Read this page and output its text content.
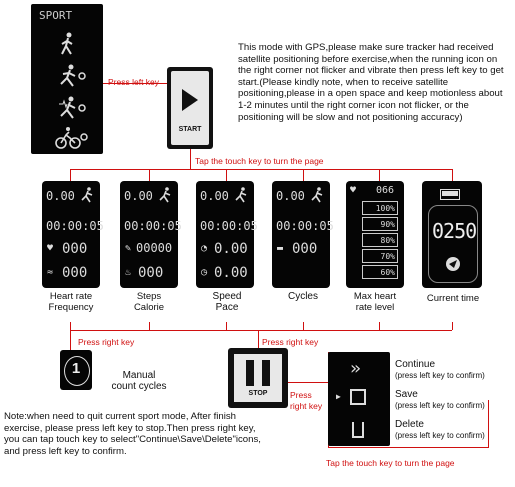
SPORT
Press left key
START
This mode with GPS,please make sure tracker had received satellite positioning before exercise,when the running icon on the right corner not flicker and vibrate then press left key to get start.(Please kindly note, when to receive satellite positioning,please in a open space and keep motionless about 1-2 minutes until the right corner icon not flicker, or the positioning will be slow and not positioning accuracy)
Tap the touch key to turn the page
0.00
00:00:05
♥ 000
≈ 000
Heart rate
Frequency
0.00
00:00:05
✎ 00000
♨ 000
Steps
Calorie
0.00
00:00:05
◔ 0.00
◷ 0.00
Speed
Pace
0.00
00:00:05
▬ 000
Cycles
♥	066
100%
90%
80%
70%
60%
Max heart
rate level
0250
Current time
Press right key	Press right key
1	Manual
count cycles
STOP	Press right key
»
▶
Continue
(press left key to confirm)
Save
(press left key to confirm)
Delete
(press left key to confirm)
Tap the touch key to turn the page
Note:when need to quit current sport mode, After finish exercise, please press left key to stop.Then press right key, you can tap touch key to select"Continue\Save\Delete"icons, and press left key to confirm.
